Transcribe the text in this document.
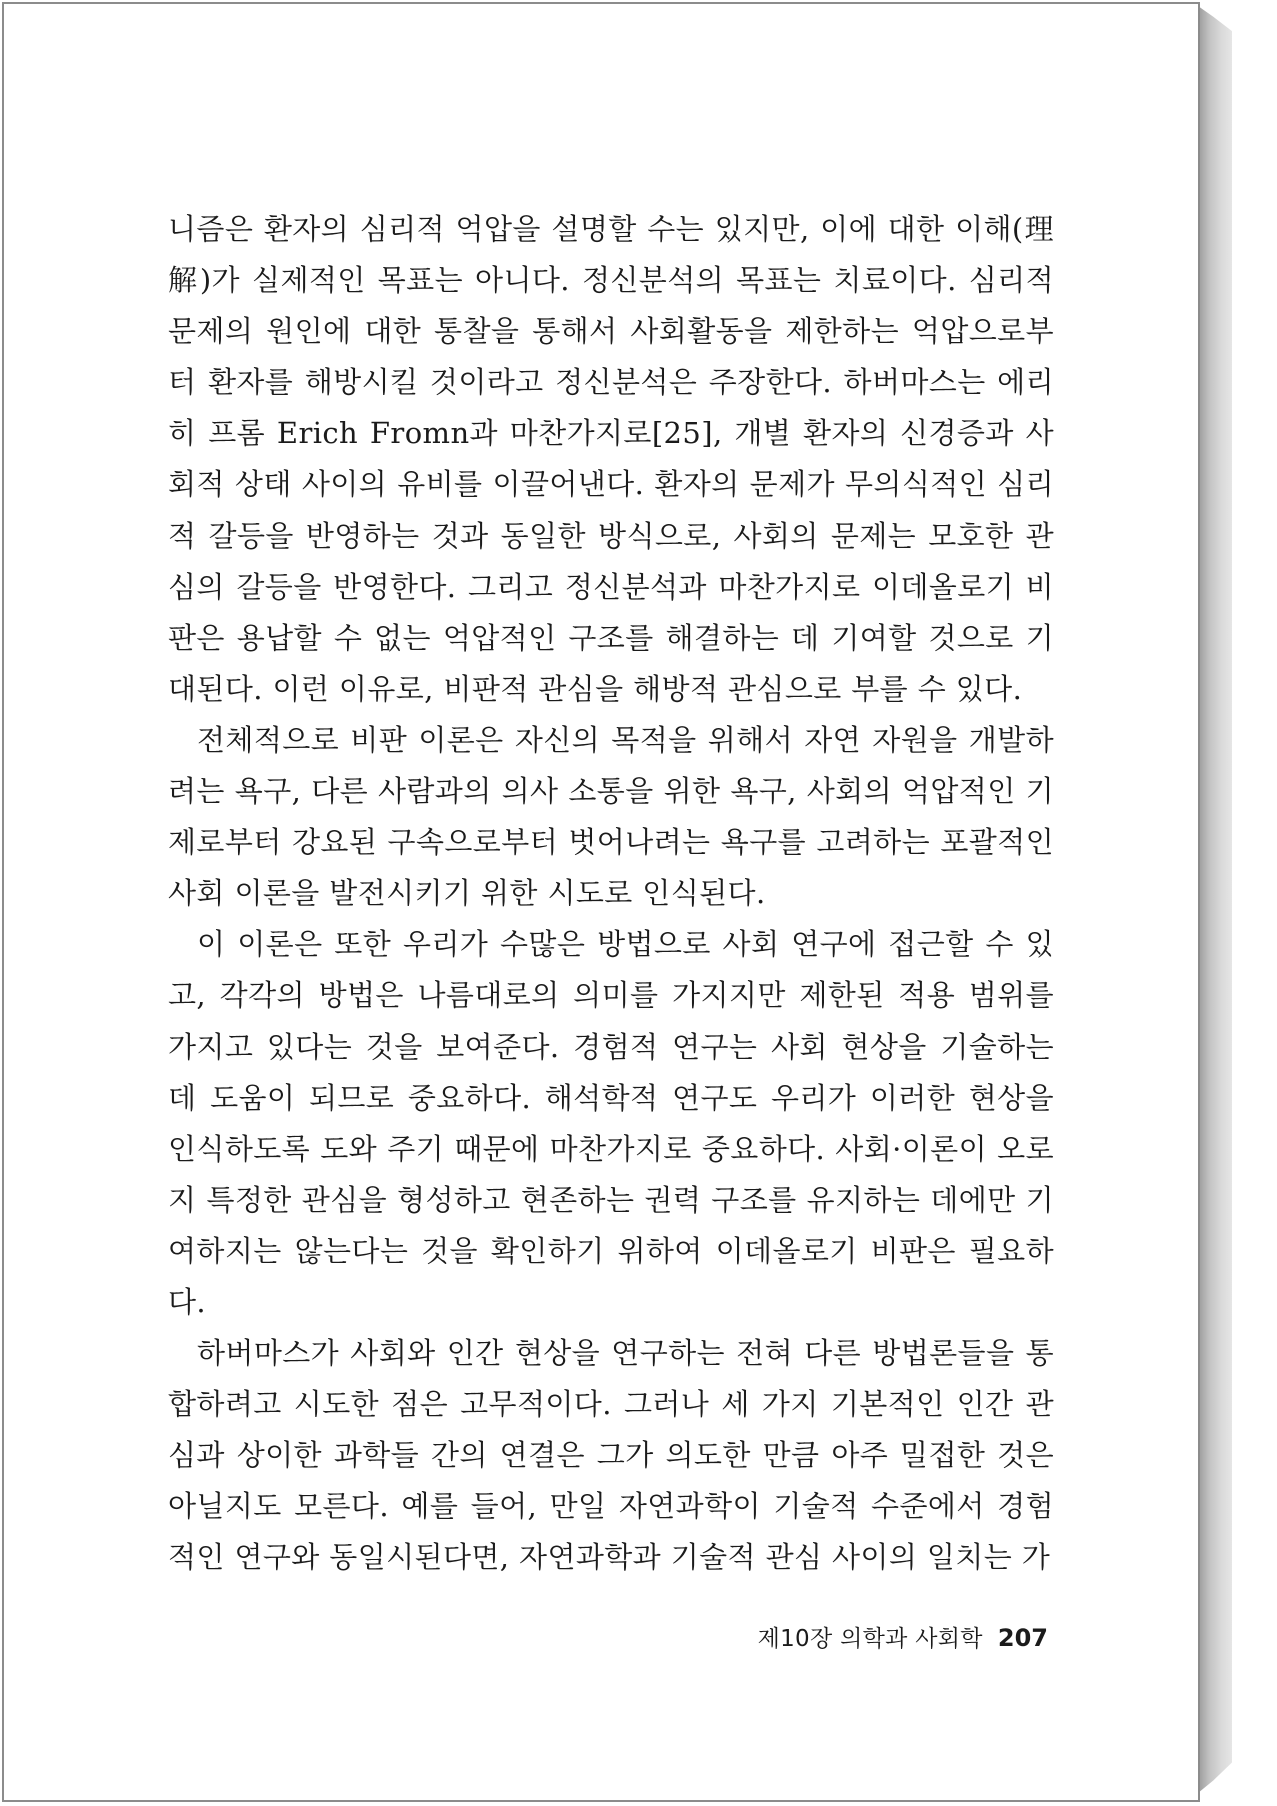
니즘은 환자의 심리적 억압을 설명할 수는 있지만, 이에 대한 이해(理解)가 실제적인 목표는 아니다. 정신분석의 목표는 치료이다. 심리적 문제의 원인에 대한 통찰을 통해서 사회활동을 제한하는 억압으로부터 환자를 해방시킬 것이라고 정신분석은 주장한다. 하버마스는 에리히 프롬 Erich Fromn과 마찬가지로[25], 개별 환자의 신경증과 사회적 상태 사이의 유비를 이끌어낸다. 환자의 문제가 무의식적인 심리적 갈등을 반영하는 것과 동일한 방식으로, 사회의 문제는 모호한 관심의 갈등을 반영한다. 그리고 정신분석과 마찬가지로 이데올로기 비판은 용납할 수 없는 억압적인 구조를 해결하는 데 기여할 것으로 기대된다. 이런 이유로, 비판적 관심을 해방적 관심으로 부를 수 있다.

전체적으로 비판 이론은 자신의 목적을 위해서 자연 자원을 개발하려는 욕구, 다른 사람과의 의사 소통을 위한 욕구, 사회의 억압적인 기제로부터 강요된 구속으로부터 벗어나려는 욕구를 고려하는 포괄적인 사회 이론을 발전시키기 위한 시도로 인식된다.

이 이론은 또한 우리가 수많은 방법으로 사회 연구에 접근할 수 있고, 각각의 방법은 나름대로의 의미를 가지지만 제한된 적용 범위를 가지고 있다는 것을 보여준다. 경험적 연구는 사회 현상을 기술하는 데 도움이 되므로 중요하다. 해석학적 연구도 우리가 이러한 현상을 인식하도록 도와 주기 때문에 마찬가지로 중요하다. 사회·이론이 오로지 특정한 관심을 형성하고 현존하는 권력 구조를 유지하는 데에만 기여하지는 않는다는 것을 확인하기 위하여 이데올로기 비판은 필요하다.

하버마스가 사회와 인간 현상을 연구하는 전혀 다른 방법론들을 통합하려고 시도한 점은 고무적이다. 그러나 세 가지 기본적인 인간 관심과 상이한 과학들 간의 연결은 그가 의도한 만큼 아주 밀접한 것은 아닐지도 모른다. 예를 들어, 만일 자연과학이 기술적 수준에서 경험적인 연구와 동일시된다면, 자연과학과 기술적 관심 사이의 일치는 가

제10장 의학과 사회학 207
